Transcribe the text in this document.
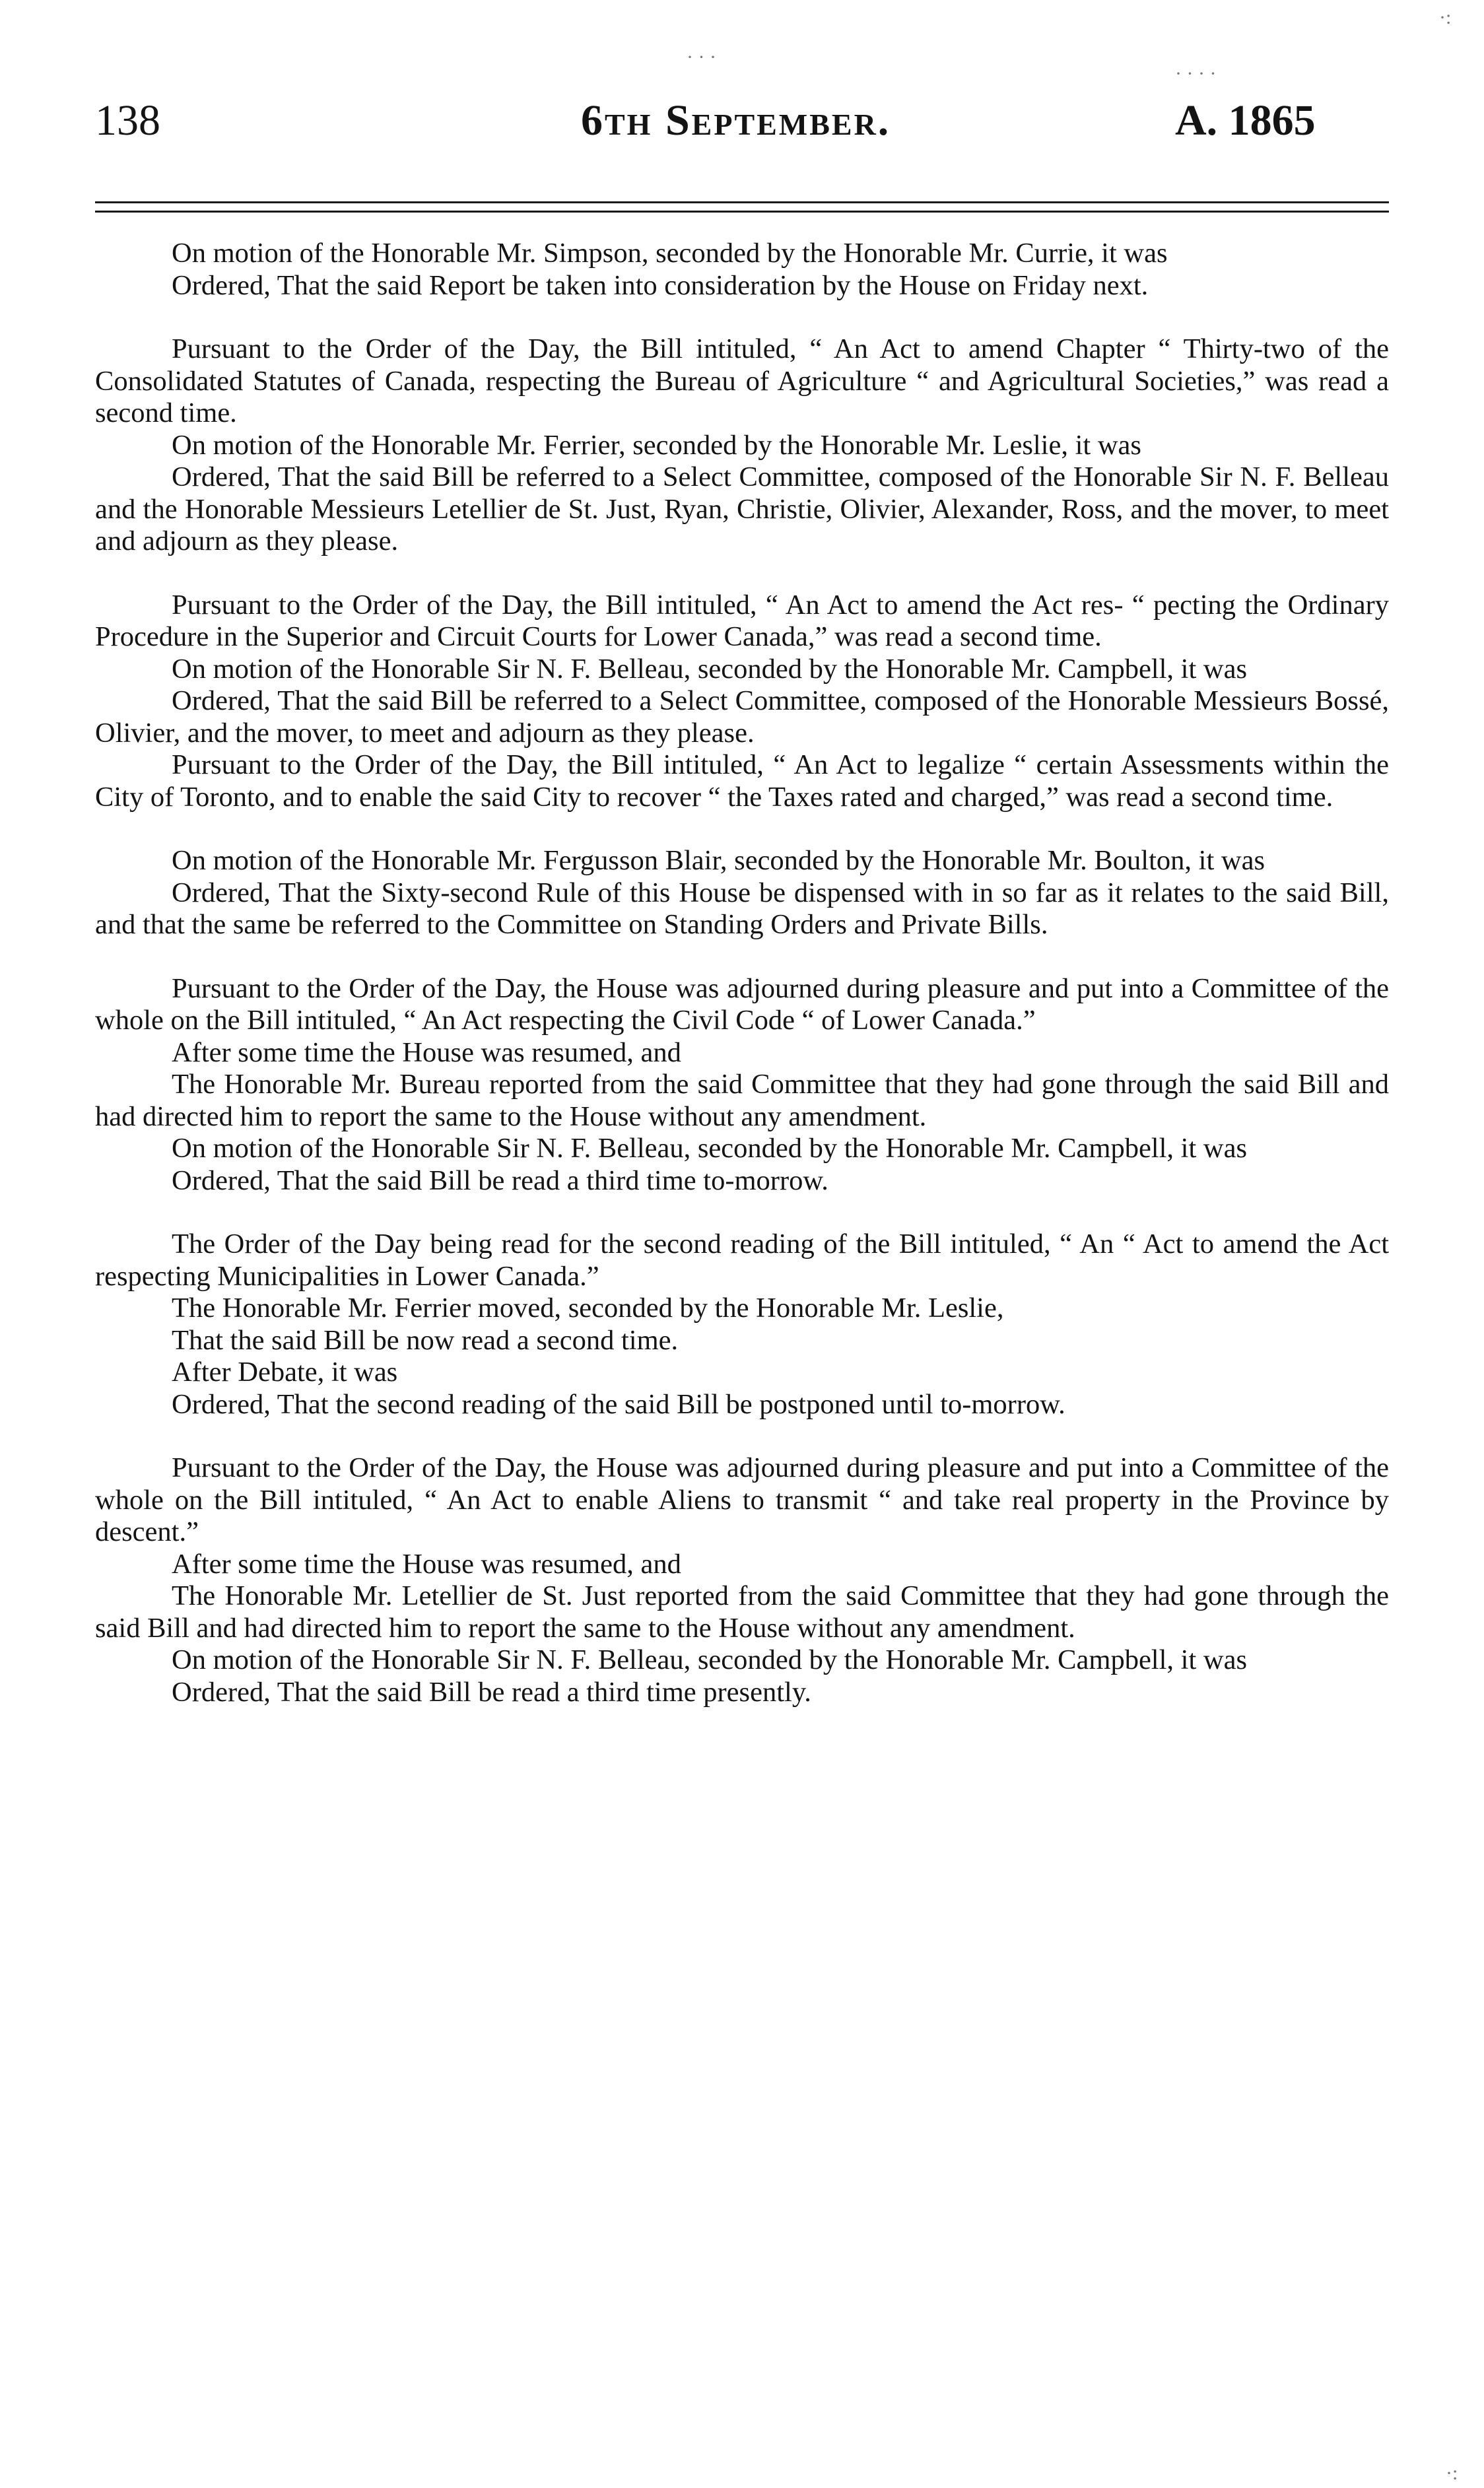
138	6th September.	A. 1865
· · ·
· · · ·
·:
·:

On motion of the Honorable Mr. Simpson, seconded by the Honorable Mr. Currie, it was

Ordered, That the said Report be taken into consideration by the House on Friday next.

Pursuant to the Order of the Day, the Bill intituled, “ An Act to amend Chapter “ Thirty-two of the Consolidated Statutes of Canada, respecting the Bureau of Agriculture “ and Agricultural Societies,” was read a second time.

On motion of the Honorable Mr. Ferrier, seconded by the Honorable Mr. Leslie, it was

Ordered, That the said Bill be referred to a Select Committee, composed of the Honorable Sir N. F. Belleau and the Honorable Messieurs Letellier de St. Just, Ryan, Christie, Olivier, Alexander, Ross, and the mover, to meet and adjourn as they please.

Pursuant to the Order of the Day, the Bill intituled, “ An Act to amend the Act res- “ pecting the Ordinary Procedure in the Superior and Circuit Courts for Lower Canada,” was read a second time.

On motion of the Honorable Sir N. F. Belleau, seconded by the Honorable Mr. Campbell, it was

Ordered, That the said Bill be referred to a Select Committee, composed of the Honorable Messieurs Bossé, Olivier, and the mover, to meet and adjourn as they please.

Pursuant to the Order of the Day, the Bill intituled, “ An Act to legalize “ certain Assessments within the City of Toronto, and to enable the said City to recover “ the Taxes rated and charged,” was read a second time.

On motion of the Honorable Mr. Fergusson Blair, seconded by the Honorable Mr. Boulton, it was

Ordered, That the Sixty-second Rule of this House be dispensed with in so far as it relates to the said Bill, and that the same be referred to the Committee on Standing Orders and Private Bills.

Pursuant to the Order of the Day, the House was adjourned during pleasure and put into a Committee of the whole on the Bill intituled, “ An Act respecting the Civil Code “ of Lower Canada.”

After some time the House was resumed, and

The Honorable Mr. Bureau reported from the said Committee that they had gone through the said Bill and had directed him to report the same to the House without any amendment.

On motion of the Honorable Sir N. F. Belleau, seconded by the Honorable Mr. Campbell, it was

Ordered, That the said Bill be read a third time to-morrow.

The Order of the Day being read for the second reading of the Bill intituled, “ An “ Act to amend the Act respecting Municipalities in Lower Canada.”

The Honorable Mr. Ferrier moved, seconded by the Honorable Mr. Leslie,

That the said Bill be now read a second time.

After Debate, it was

Ordered, That the second reading of the said Bill be postponed until to-morrow.

Pursuant to the Order of the Day, the House was adjourned during pleasure and put into a Committee of the whole on the Bill intituled, “ An Act to enable Aliens to transmit “ and take real property in the Province by descent.”

After some time the House was resumed, and

The Honorable Mr. Letellier de St. Just reported from the said Committee that they had gone through the said Bill and had directed him to report the same to the House without any amendment.

On motion of the Honorable Sir N. F. Belleau, seconded by the Honorable Mr. Campbell, it was

Ordered, That the said Bill be read a third time presently.
